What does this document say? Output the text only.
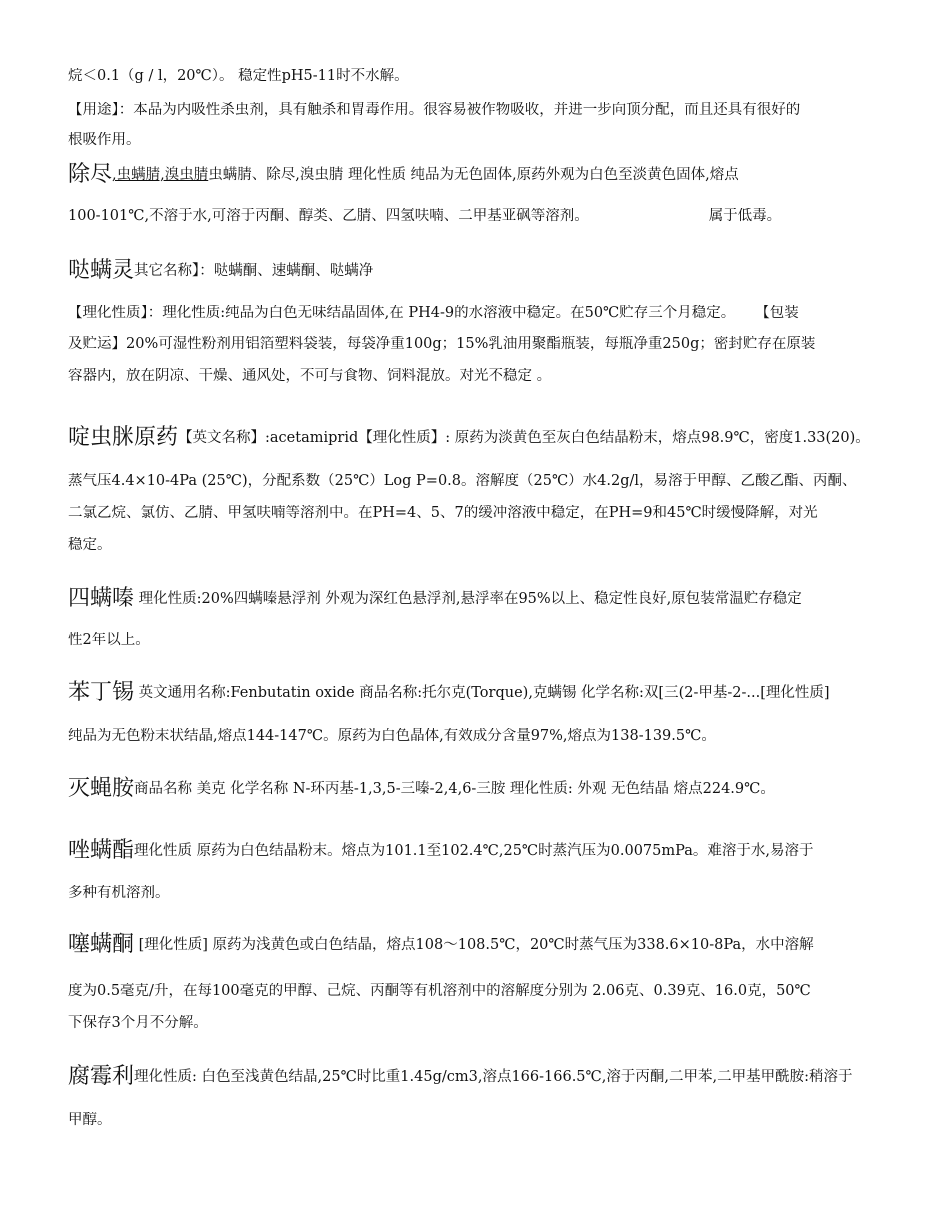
烷＜0.1（g / l，20℃）。 稳定性pH5-11时不水解。
【用途】：本品为内吸性杀虫剂，具有触杀和胃毒作用。很容易被作物吸收，并进一步向顶分配，而且还具有很好的
根吸作用。
除尽,虫螨腈,溴虫腈虫螨腈、除尽,溴虫腈 理化性质 纯品为无色固体,原药外观为白色至淡黄色固体,熔点
100-101℃,不溶于水,可溶于丙酮、醇类、乙腈、四氢呋喃、二甲基亚砜等溶剂。	属于低毒。
哒螨灵其它名称】：哒螨酮、速螨酮、哒螨净
【理化性质】：理化性质:纯品为白色无味结晶固体,在 PH4-9的水溶液中稳定。在50℃贮存三个月稳定。 【包装
及贮运】20%可湿性粉剂用铝箔塑料袋装，每袋净重100g；15%乳油用聚酯瓶装，每瓶净重250g；密封贮存在原装
容器内，放在阴凉、干燥、通风处，不可与食物、饲料混放。对光不稳定 。
啶虫脒原药【英文名称】:acetamiprid【理化性质】: 原药为淡黄色至灰白色结晶粉末，熔点98.9℃，密度1.33(20)。
蒸气压4.4×10-4Pa (25℃)，分配系数（25℃）Log P=0.8。溶解度（25℃）水4.2g/l，易溶于甲醇、乙酸乙酯、丙酮、
二氯乙烷、氯仿、乙腈、甲氢呋喃等溶剂中。在PH=4、5、7的缓冲溶液中稳定，在PH=9和45℃时缓慢降解，对光
稳定。
四螨嗪 理化性质:20%四螨嗪悬浮剂 外观为深红色悬浮剂,悬浮率在95%以上、稳定性良好,原包装常温贮存稳定
性2年以上。
苯丁锡 英文通用名称:Fenbutatin oxide 商品名称:托尔克(Torque),克螨锡 化学名称:双[三(2-甲基-2-...[理化性质]
纯品为无色粉末状结晶,熔点144-147℃。原药为白色晶体,有效成分含量97%,熔点为138-139.5℃。
灭蝇胺商品名称 美克 化学名称 N-环丙基-1,3,5-三嗪-2,4,6-三胺 理化性质: 外观 无色结晶 熔点224.9℃。
唑螨酯理化性质 原药为白色结晶粉末。熔点为101.1至102.4℃,25℃时蒸汽压为0.0075mPa。难溶于水,易溶于
多种有机溶剂。
噻螨酮 [理化性质] 原药为浅黄色或白色结晶，熔点108～108.5℃，20℃时蒸气压为338.6×10-8Pa，水中溶解
度为0.5毫克/升，在每100毫克的甲醇、己烷、丙酮等有机溶剂中的溶解度分别为 2.06克、0.39克、16.0克，50℃
下保存3个月不分解。
腐霉利理化性质: 白色至浅黄色结晶,25℃时比重1.45g/cm3,溶点166-166.5℃,溶于丙酮,二甲苯,二甲基甲酰胺:稍溶于
甲醇。
